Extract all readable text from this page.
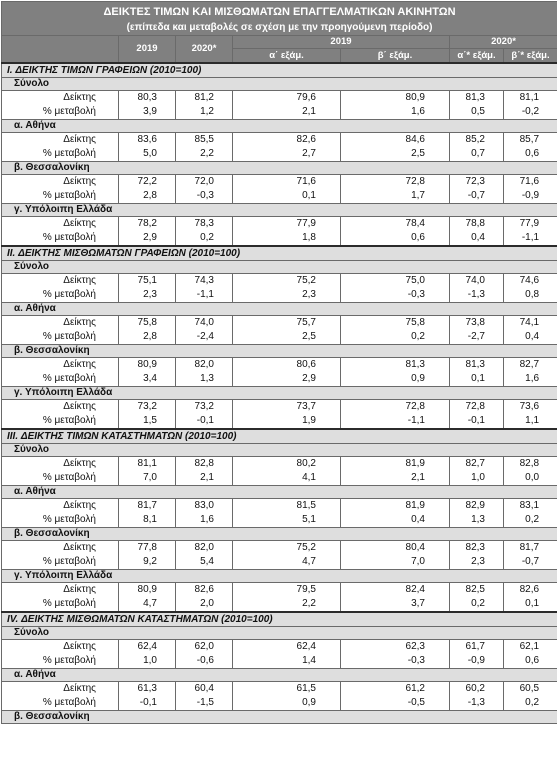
ΔΕΙΚΤΕΣ ΤΙΜΩΝ ΚΑΙ ΜΙΣΘΩΜΑΤΩΝ ΕΠΑΓΓΕΛΜΑΤΙΚΩΝ ΑΚΙΝΗΤΩΝ						
(επίπεδα και μεταβολές σε σχέση με την προηγούμενη περίοδο)						
	2019	2020*	2019		2020*	
			α΄ εξάμ.	β΄ εξάμ.	α΄* εξάμ.	β΄* εξάμ.
I. ΔΕΙΚΤΗΣ ΤΙΜΩΝ ΓΡΑΦΕΙΩΝ (2010=100)						
Σύνολο						
Δείκτης	80,3	81,2	79,6	80,9	81,3	81,1
% μεταβολή	3,9	1,2	2,1	1,6	0,5	-0,2
α. Αθήνα						
Δείκτης	83,6	85,5	82,6	84,6	85,2	85,7
% μεταβολή	5,0	2,2	2,7	2,5	0,7	0,6
β. Θεσσαλονίκη						
Δείκτης	72,2	72,0	71,6	72,8	72,3	71,6
% μεταβολή	2,8	-0,3	0,1	1,7	-0,7	-0,9
γ. Υπόλοιπη Ελλάδα						
Δείκτης	78,2	78,3	77,9	78,4	78,8	77,9
% μεταβολή	2,9	0,2	1,8	0,6	0,4	-1,1
II. ΔΕΙΚΤΗΣ ΜΙΣΘΩΜΑΤΩΝ ΓΡΑΦΕΙΩΝ (2010=100)						
Σύνολο						
Δείκτης	75,1	74,3	75,2	75,0	74,0	74,6
% μεταβολή	2,3	-1,1	2,3	-0,3	-1,3	0,8
α. Αθήνα						
Δείκτης	75,8	74,0	75,7	75,8	73,8	74,1
% μεταβολή	2,8	-2,4	2,5	0,2	-2,7	0,4
β. Θεσσαλονίκη						
Δείκτης	80,9	82,0	80,6	81,3	81,3	82,7
% μεταβολή	3,4	1,3	2,9	0,9	0,1	1,6
γ. Υπόλοιπη Ελλάδα						
Δείκτης	73,2	73,2	73,7	72,8	72,8	73,6
% μεταβολή	1,5	-0,1	1,9	-1,1	-0,1	1,1
III. ΔΕΙΚΤΗΣ ΤΙΜΩΝ ΚΑΤΑΣΤΗΜΑΤΩΝ (2010=100)						
Σύνολο						
Δείκτης	81,1	82,8	80,2	81,9	82,7	82,8
% μεταβολή	7,0	2,1	4,1	2,1	1,0	0,0
α. Αθήνα						
Δείκτης	81,7	83,0	81,5	81,9	82,9	83,1
% μεταβολή	8,1	1,6	5,1	0,4	1,3	0,2
β. Θεσσαλονίκη						
Δείκτης	77,8	82,0	75,2	80,4	82,3	81,7
% μεταβολή	9,2	5,4	4,7	7,0	2,3	-0,7
γ. Υπόλοιπη Ελλάδα						
Δείκτης	80,9	82,6	79,5	82,4	82,5	82,6
% μεταβολή	4,7	2,0	2,2	3,7	0,2	0,1
IV. ΔΕΙΚΤΗΣ ΜΙΣΘΩΜΑΤΩΝ ΚΑΤΑΣΤΗΜΑΤΩΝ (2010=100)						
Σύνολο						
Δείκτης	62,4	62,0	62,4	62,3	61,7	62,1
% μεταβολή	1,0	-0,6	1,4	-0,3	-0,9	0,6
α. Αθήνα						
Δείκτης	61,3	60,4	61,5	61,2	60,2	60,5
% μεταβολή	-0,1	-1,5	0,9	-0,5	-1,3	0,2
β. Θεσσαλονίκη						
